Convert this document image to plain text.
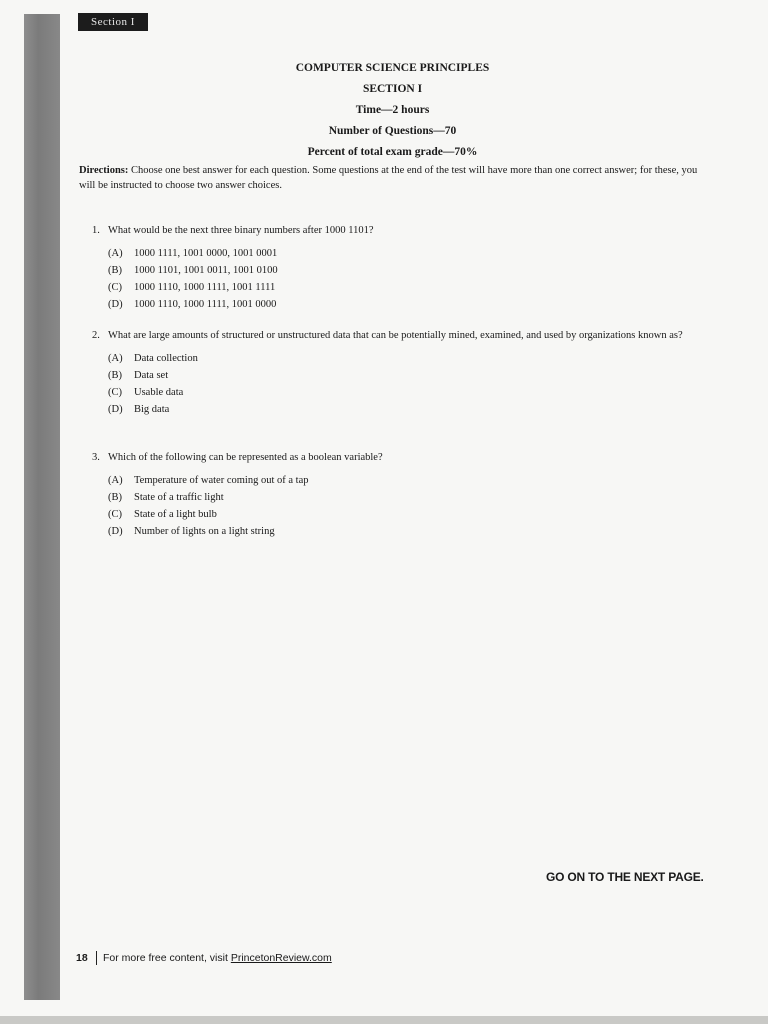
Section I
COMPUTER SCIENCE PRINCIPLES
SECTION I
Time—2 hours
Number of Questions—70
Percent of total exam grade—70%
Directions: Choose one best answer for each question. Some questions at the end of the test will have more than one correct answer; for these, you will be instructed to choose two answer choices.
1. What would be the next three binary numbers after 1000 1101?
(A)	1000 1111, 1001 0000, 1001 0001
(B)	1000 1101, 1001 0011, 1001 0100
(C)	1000 1110, 1000 1111, 1001 1111
(D)	1000 1110, 1000 1111, 1001 0000
2. What are large amounts of structured or unstructured data that can be potentially mined, examined, and used by organizations known as?
(A)	Data collection
(B)	Data set
(C)	Usable data
(D)	Big data
3. Which of the following can be represented as a boolean variable?
(A)	Temperature of water coming out of a tap
(B)	State of a traffic light
(C)	State of a light bulb
(D)	Number of lights on a light string
GO ON TO THE NEXT PAGE.
18	For more free content, visit
PrincetonReview.com
